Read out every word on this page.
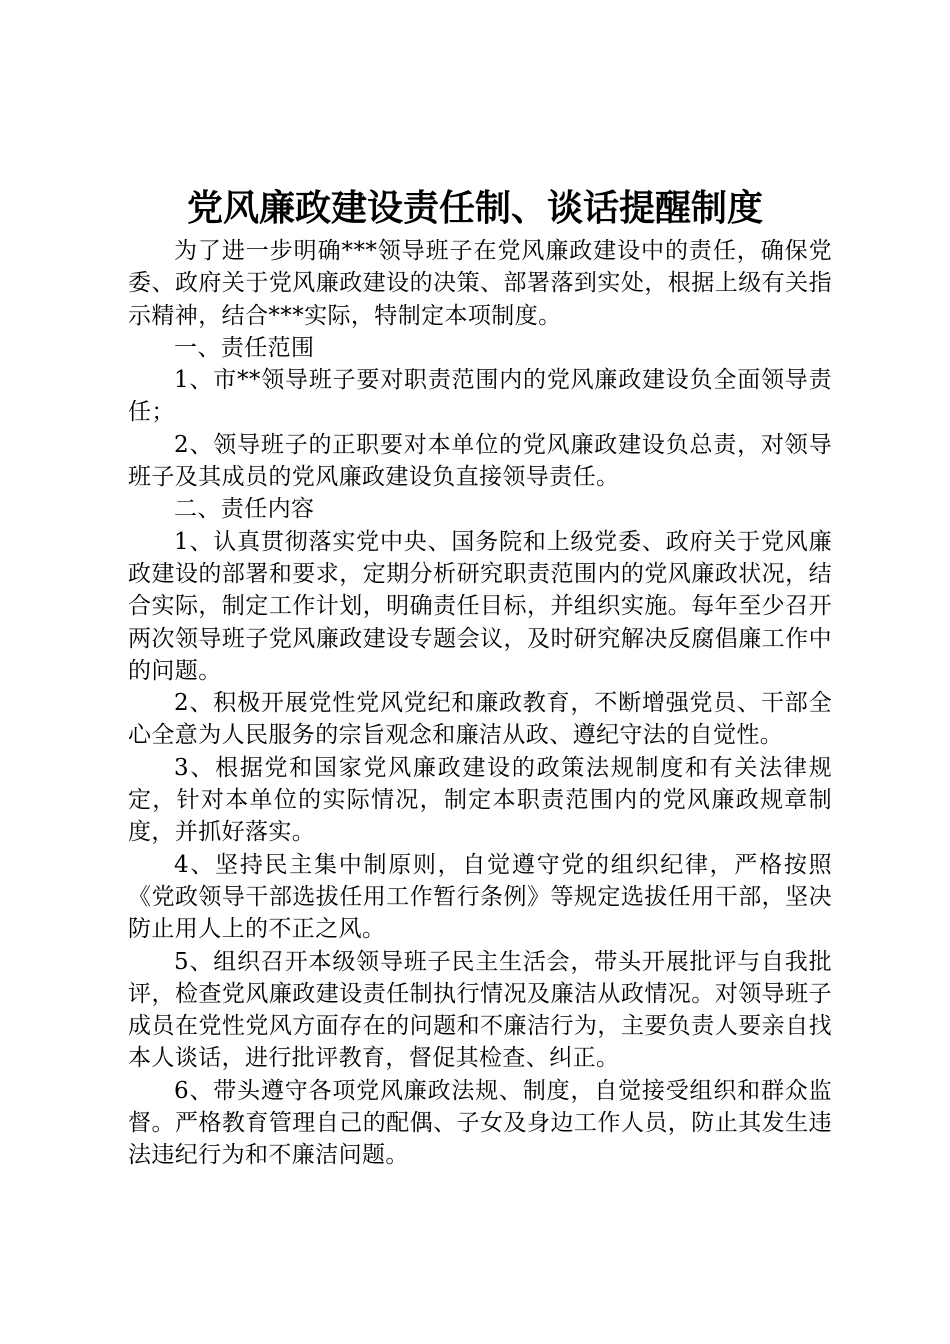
党风廉政建设责任制、谈话提醒制度

为了进一步明确***领导班子在党风廉政建设中的责任，确保党委、政府关于党风廉政建设的决策、部署落到实处，根据上级有关指示精神，结合***实际，特制定本项制度。

一、责任范围

1、市**领导班子要对职责范围内的党风廉政建设负全面领导责任；

2、领导班子的正职要对本单位的党风廉政建设负总责，对领导班子及其成员的党风廉政建设负直接领导责任。

二、责任内容

1、认真贯彻落实党中央、国务院和上级党委、政府关于党风廉政建设的部署和要求，定期分析研究职责范围内的党风廉政状况，结合实际，制定工作计划，明确责任目标，并组织实施。每年至少召开两次领导班子党风廉政建设专题会议，及时研究解决反腐倡廉工作中的问题。

2、积极开展党性党风党纪和廉政教育，不断增强党员、干部全心全意为人民服务的宗旨观念和廉洁从政、遵纪守法的自觉性。

3、根据党和国家党风廉政建设的政策法规制度和有关法律规定，针对本单位的实际情况，制定本职责范围内的党风廉政规章制度，并抓好落实。

4、坚持民主集中制原则，自觉遵守党的组织纪律，严格按照《党政领导干部选拔任用工作暂行条例》等规定选拔任用干部，坚决防止用人上的不正之风。

5、组织召开本级领导班子民主生活会，带头开展批评与自我批评，检查党风廉政建设责任制执行情况及廉洁从政情况。对领导班子成员在党性党风方面存在的问题和不廉洁行为，主要负责人要亲自找本人谈话，进行批评教育，督促其检查、纠正。

6、带头遵守各项党风廉政法规、制度，自觉接受组织和群众监督。严格教育管理自己的配偶、子女及身边工作人员，防止其发生违法违纪行为和不廉洁问题。
